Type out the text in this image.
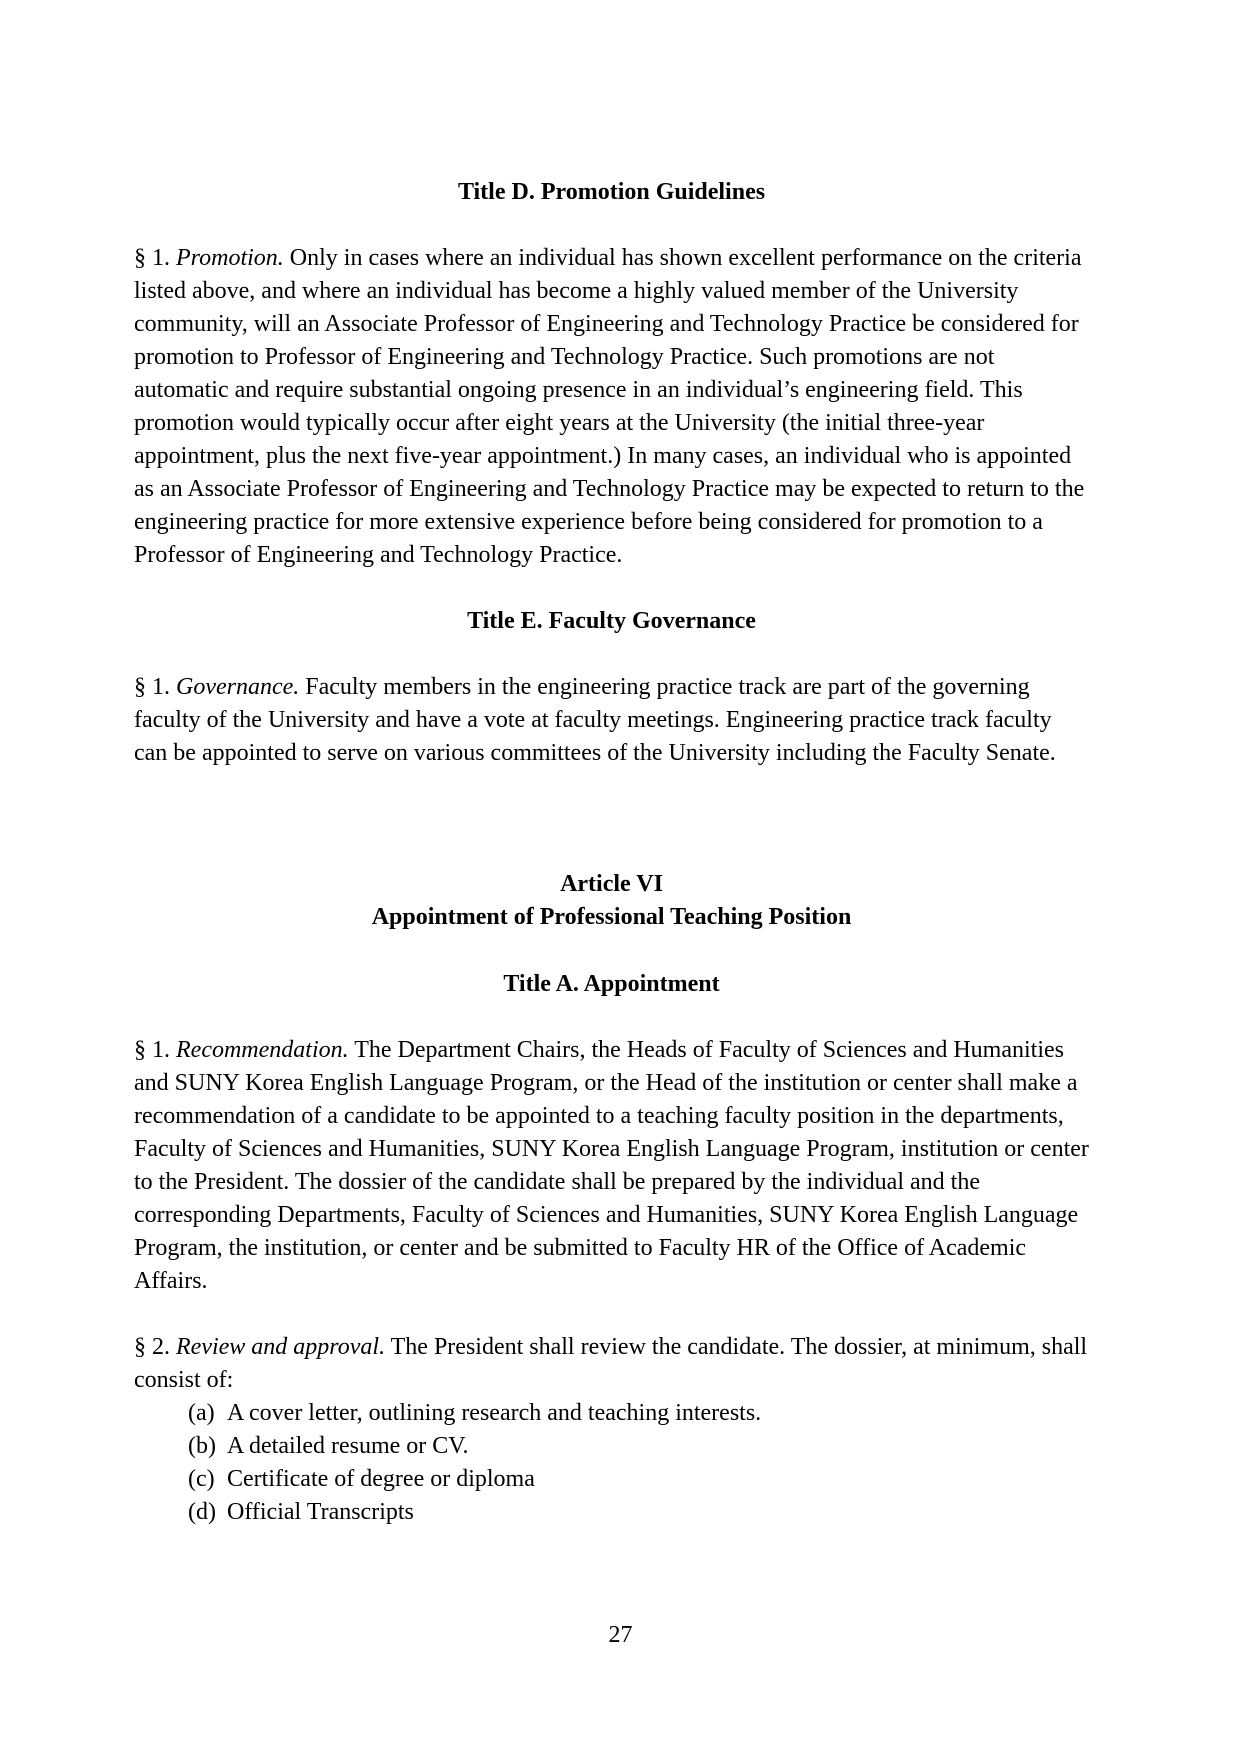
Title D. Promotion Guidelines

§ 1. Promotion. Only in cases where an individual has shown excellent performance on the criteria listed above, and where an individual has become a highly valued member of the University community, will an Associate Professor of Engineering and Technology Practice be considered for promotion to Professor of Engineering and Technology Practice. Such promotions are not automatic and require substantial ongoing presence in an individual’s engineering field. This promotion would typically occur after eight years at the University (the initial three-year appointment, plus the next five-year appointment.) In many cases, an individual who is appointed as an Associate Professor of Engineering and Technology Practice may be expected to return to the engineering practice for more extensive experience before being considered for promotion to a Professor of Engineering and Technology Practice.

Title E. Faculty Governance

§ 1. Governance. Faculty members in the engineering practice track are part of the governing faculty of the University and have a vote at faculty meetings. Engineering practice track faculty can be appointed to serve on various committees of the University including the Faculty Senate.

Article VI
Appointment of Professional Teaching Position
Title A. Appointment

§ 1. Recommendation. The Department Chairs, the Heads of Faculty of Sciences and Humanities and SUNY Korea English Language Program, or the Head of the institution or center shall make a recommendation of a candidate to be appointed to a teaching faculty position in the departments, Faculty of Sciences and Humanities, SUNY Korea English Language Program, institution or center to the President. The dossier of the candidate shall be prepared by the individual and the corresponding Departments, Faculty of Sciences and Humanities, SUNY Korea English Language Program, the institution, or center and be submitted to Faculty HR of the Office of Academic Affairs.

§ 2. Review and approval. The President shall review the candidate. The dossier, at minimum, shall consist of:

(a) A cover letter, outlining research and teaching interests.
(b) A detailed resume or CV.
(c) Certificate of degree or diploma
(d) Official Transcripts
27
